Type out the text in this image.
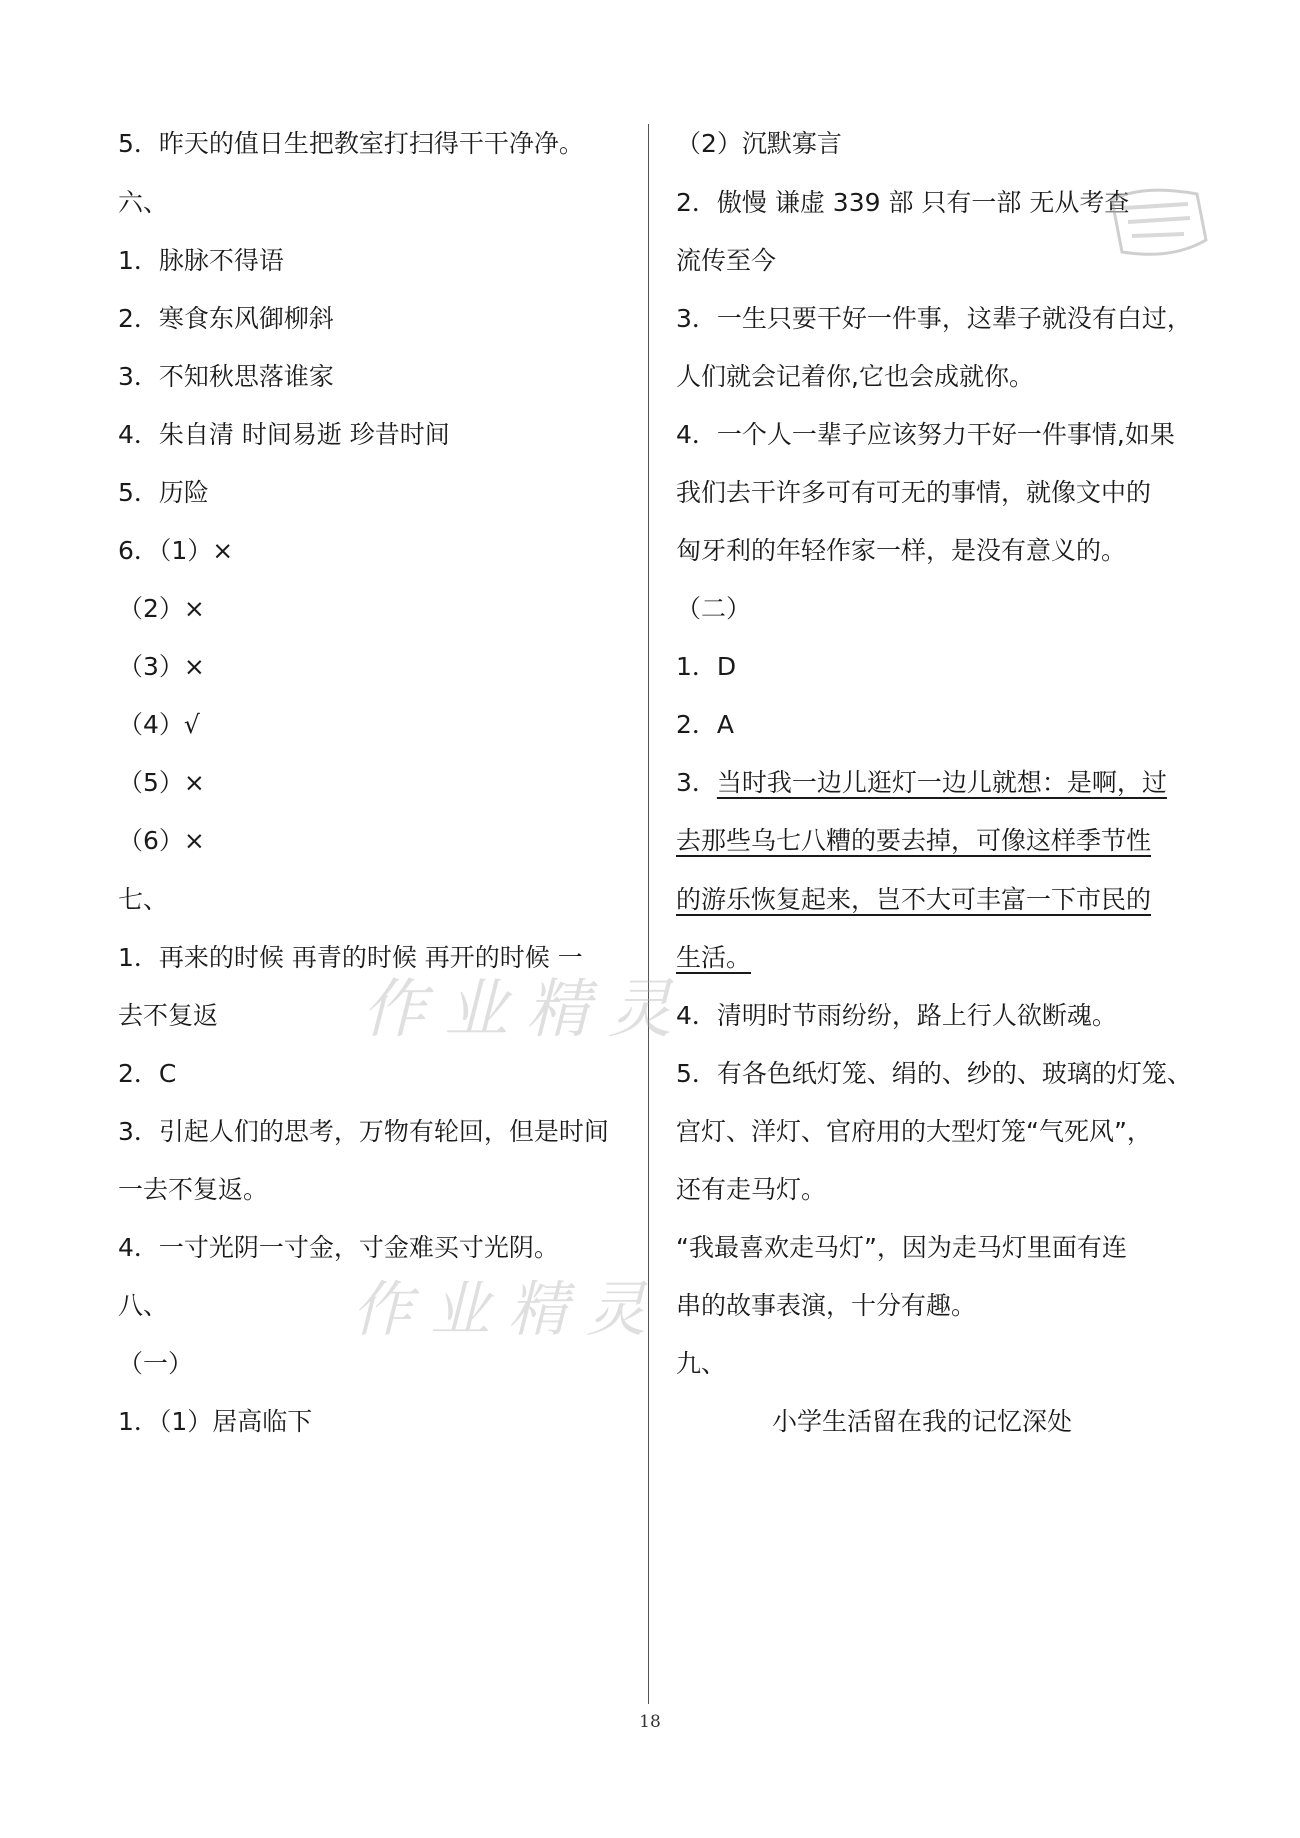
5．昨天的值日生把教室打扫得干干净净。
六、
1．脉脉不得语
2．寒食东风御柳斜
3．不知秋思落谁家
4．朱自清 时间易逝 珍昔时间
5．历险
6．（1）×
（2）×
（3）×
（4）√
（5）×
（6）×
七、
1．再来的时候 再青的时候 再开的时候 一
去不复返
2．C
3．引起人们的思考，万物有轮回，但是时间
一去不复返。
4．一寸光阴一寸金，寸金难买寸光阴。
八、
（一）
1．（1）居高临下
（2）沉默寡言
2．傲慢 谦虚 339 部 只有一部 无从考查
流传至今
3．一生只要干好一件事，这辈子就没有白过，
人们就会记着你,它也会成就你。
4．一个人一辈子应该努力干好一件事情,如果
我们去干许多可有可无的事情，就像文中的
匈牙利的年轻作家一样，是没有意义的。
（二）
1．D
2．A
3．当时我一边儿逛灯一边儿就想：是啊，过
去那些乌七八糟的要去掉，可像这样季节性
的游乐恢复起来，岂不大可丰富一下市民的
生活。
4．清明时节雨纷纷，路上行人欲断魂。
5．有各色纸灯笼、绢的、纱的、玻璃的灯笼、
宫灯、洋灯、官府用的大型灯笼“气死风”，
还有走马灯。
“我最喜欢走马灯”，因为走马灯里面有连
串的故事表演，十分有趣。
九、
小学生活留在我的记忆深处
作业精灵
作业精灵
18
